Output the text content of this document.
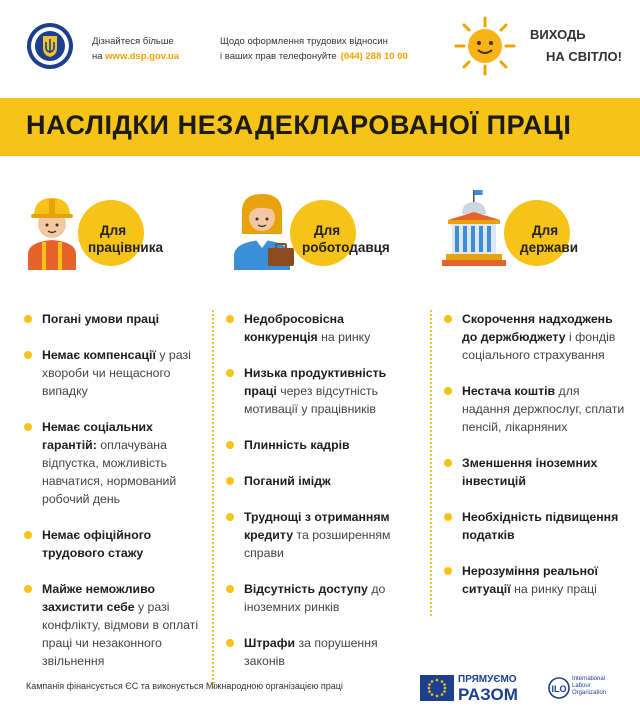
Дізнайтеся більше
на www.dsp.gov.ua
Щодо оформлення трудових відносин
і ваших прав телефонуйте (044) 288 10 00
ВИХОДЬ
НА СВІТЛО!
НАСЛІДКИ НЕЗАДЕКЛАРОВАНОЇ ПРАЦІ
Для
працівника
Для
роботодавця
Для
держави
Погані умови праці
Немає компенсації у разі хвороби чи нещасного випадку
Немає соціальних гарантій: оплачувана відпустка, можливість навчатися, нормований робочий день
Немає офіційного трудового стажу
Майже неможливо захистити себе у разі конфлікту, відмови в оплаті праці чи незаконного звільнення
Недобросовісна конкуренція на ринку
Низька продуктивність праці через відсутність мотивації у працівників
Плинність кадрів
Поганий імідж
Труднощі з отриманням кредиту та розширенням справи
Відсутність доступу до іноземних ринків
Штрафи за порушення законів
Скорочення надходжень до держбюджету і фондів соціального страхування
Нестача коштів для надання держпослуг, сплати пенсій, лікарняних
Зменшення іноземних інвестицій
Необхідність підвищення податків
Нерозуміння реальної ситуації на ринку праці
Кампанія фінансується ЄС та виконується Міжнародною організацією праці
ПРЯМУЄМО
РАЗОМ	ILO
International
Labour
Organization
